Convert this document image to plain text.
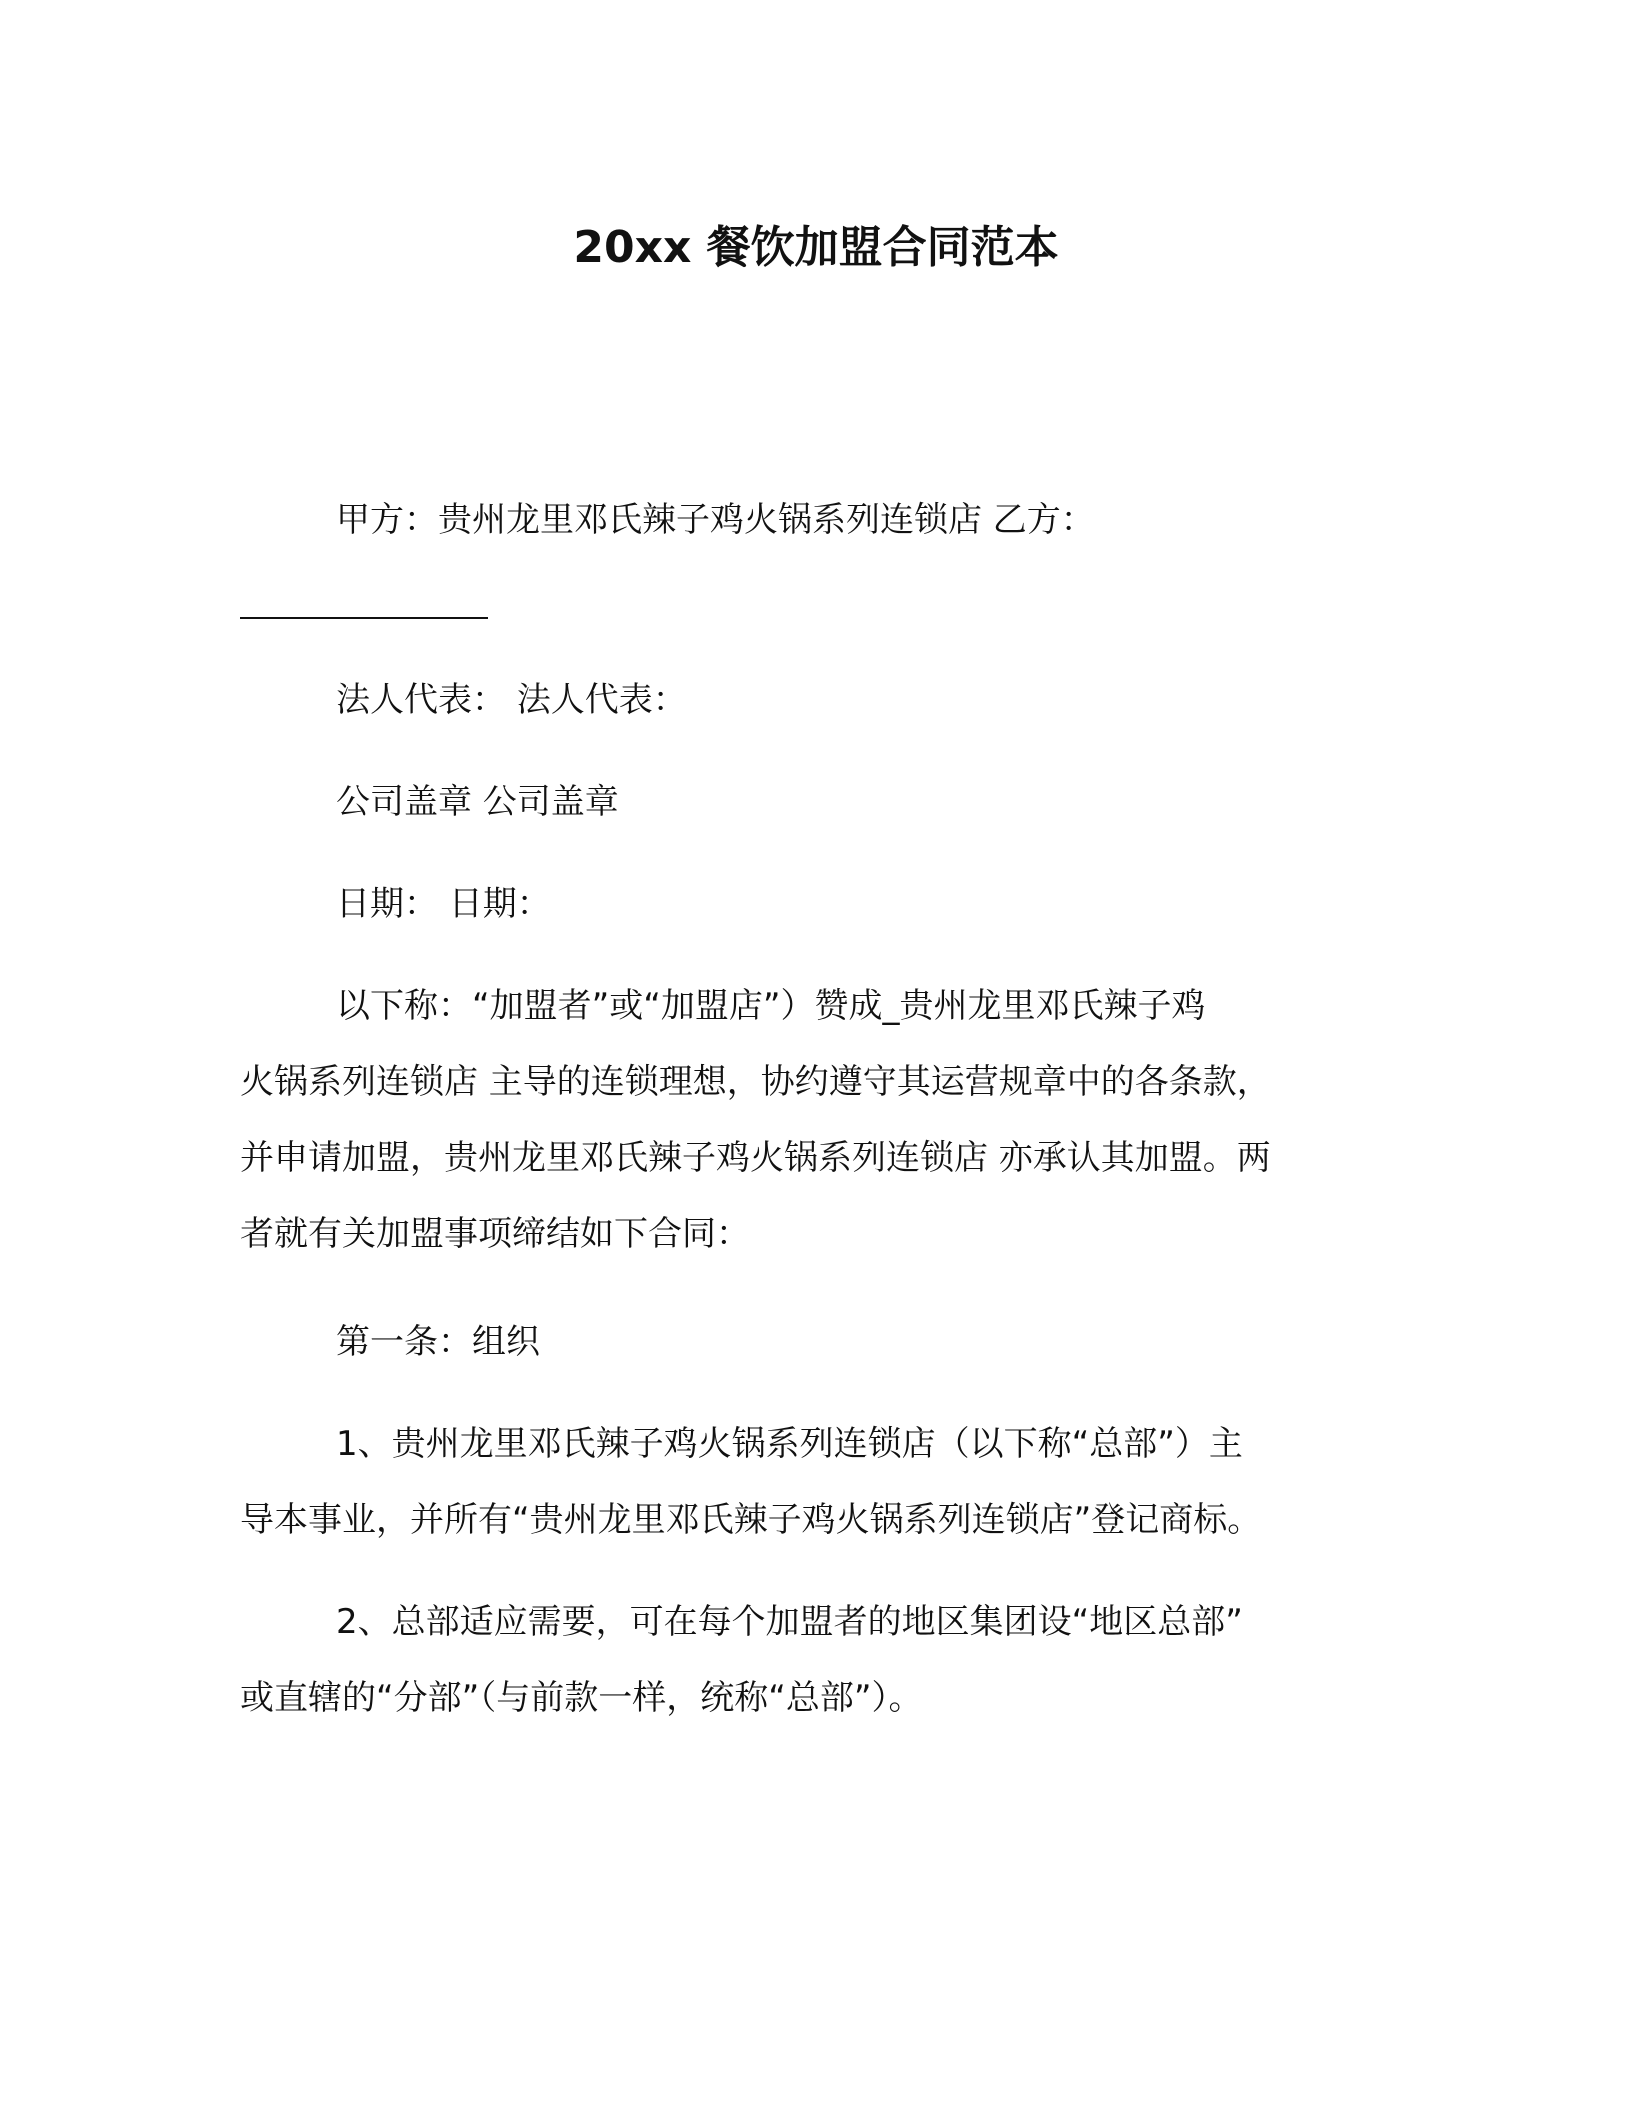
20xx 餐饮加盟合同范本
甲方：贵州龙里邓氏辣子鸡火锅系列连锁店 乙方：
法人代表： 法人代表：
公司盖章 公司盖章
日期： 日期：
以下称：“加盟者”或“加盟店”）赞成_贵州龙里邓氏辣子鸡
火锅系列连锁店 主导的连锁理想，协约遵守其运营规章中的各条款，
并申请加盟，贵州龙里邓氏辣子鸡火锅系列连锁店 亦承认其加盟。两
者就有关加盟事项缔结如下合同：
第一条：组织
1、贵州龙里邓氏辣子鸡火锅系列连锁店（以下称“总部”）主
导本事业，并所有“贵州龙里邓氏辣子鸡火锅系列连锁店”登记商标。
2、总部适应需要，可在每个加盟者的地区集团设“地区总部”
或直辖的“分部”（与前款一样，统称“总部”）。
